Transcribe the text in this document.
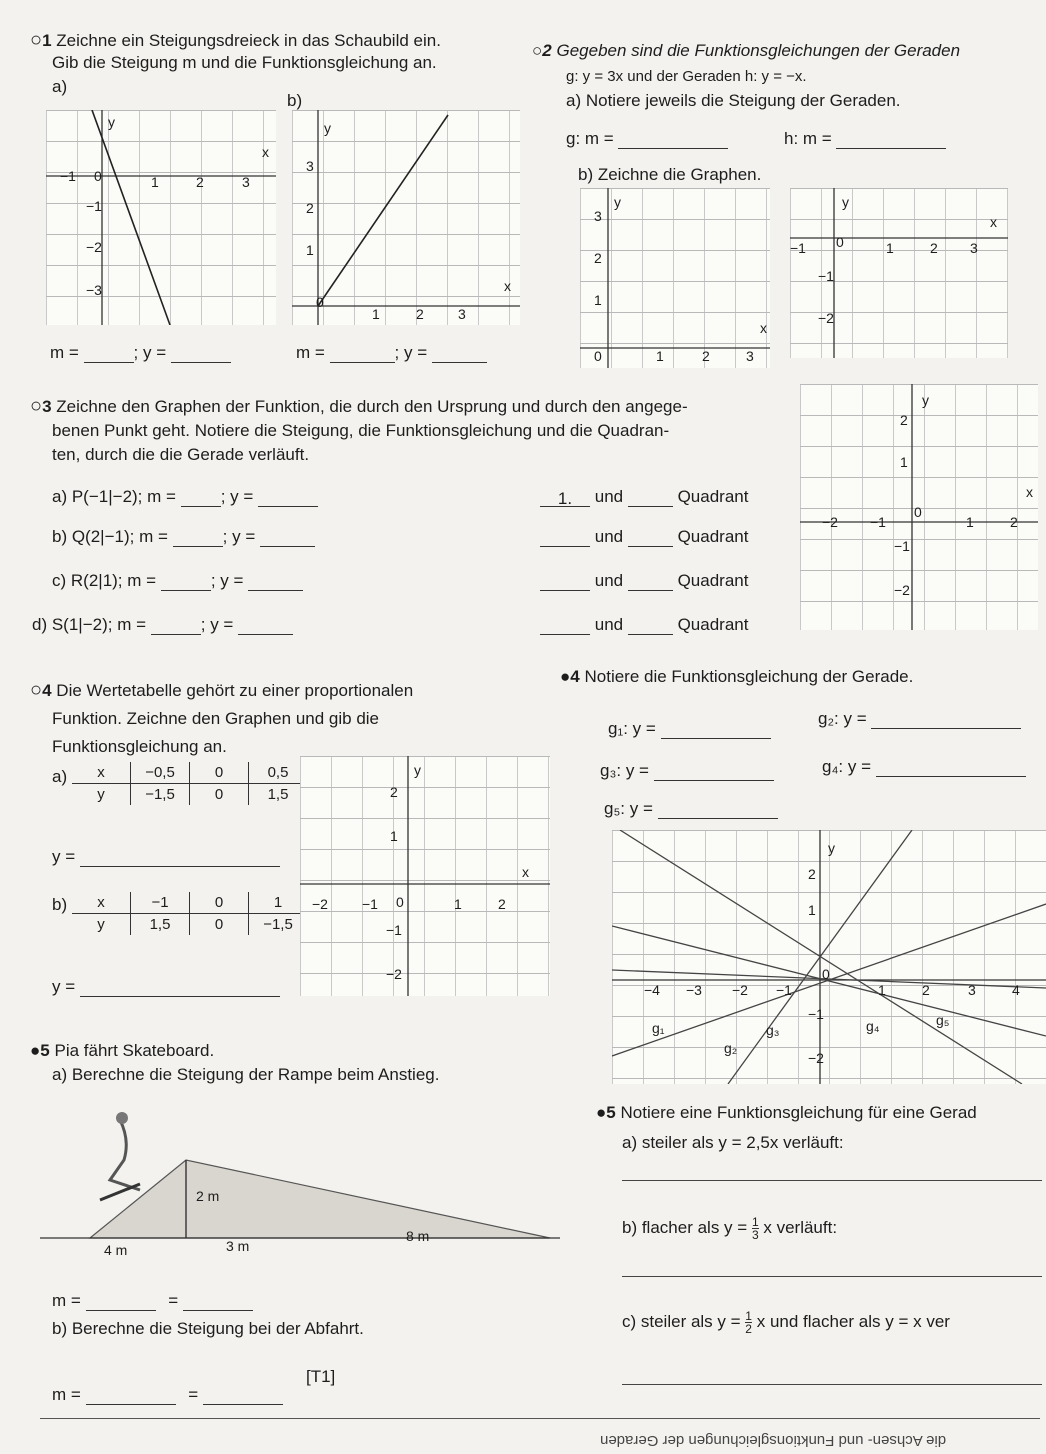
○1 Zeichne ein Steigungsdreieck in das Schaubild ein.
Gib die Steigung m und die Funktionsgleichung an.
a)
b)
y
x
−1 0	1	2	3
−1
−2
−3
y
x
3
2
1
0
1	2 3
m =	; y =	m =	; y =
○2 Gegeben sind die Funktionsgleichungen der Geraden
g: y = 3x und der Geraden h: y = −x.
a) Notiere jeweils die Steigung der Geraden.
g: m =	h: m =
b) Zeichne die Graphen.
y
x
3
2
1
0	1	2	3
y
x
−1 0	1	2 3
−1
−2
○3 Zeichne den Graphen der Funktion, die durch den Ursprung und durch den angege-
benen Punkt geht. Notiere die Steigung, die Funktionsgleichung und die Quadran-
ten, durch die die Gerade verläuft.
a) P(−1|−2); m =	; y =	1. und	Quadrant
b) Q(2|−1); m =	; y =	und	Quadrant
c) R(2|1); m =	; y =	und	Quadrant
d) S(1|−2); m =	; y =	und	Quadrant
y
x
2
1
−1
−2
−2 −1
0
1	2
○4 Die Wertetabelle gehört zu einer proportionalen
Funktion. Zeichne den Graphen und gib die
Funktionsgleichung an.
a) x	−0,5	0	0,5
y	−1,5	0	1,5
y =
b) x	−1	0	1
y	1,5	0	−1,5
y =
y
x
2
1
−1
−2
−2 −1 0	1	2
●4 Notiere die Funktionsgleichung der Gerade.
g₁: y =
g₂: y =
g₃: y =	g₄: y =
g₅: y =
y
2
1
−1
−2
−4 −3 −2 −1
0
1	2	3	4
g₁
g₂
g₃	g₄	g₅
●5 Pia fährt Skateboard.
a) Berechne die Steigung der Rampe beim Anstieg.
2 m
4 m	3 m
8 m
m =	=
b) Berechne die Steigung bei der Abfahrt.
m =	=
[T1]
●5 Notiere eine Funktionsgleichung für eine Gerad
a) steiler als y = 2,5x verläuft:
b) flacher als $y = \frac{1}{3}$ x verläuft:
c) steiler als $y = \frac{1}{2}$ x und flacher als y = x ver
die Achsen- und Funktionsgleichungen der Geraden
